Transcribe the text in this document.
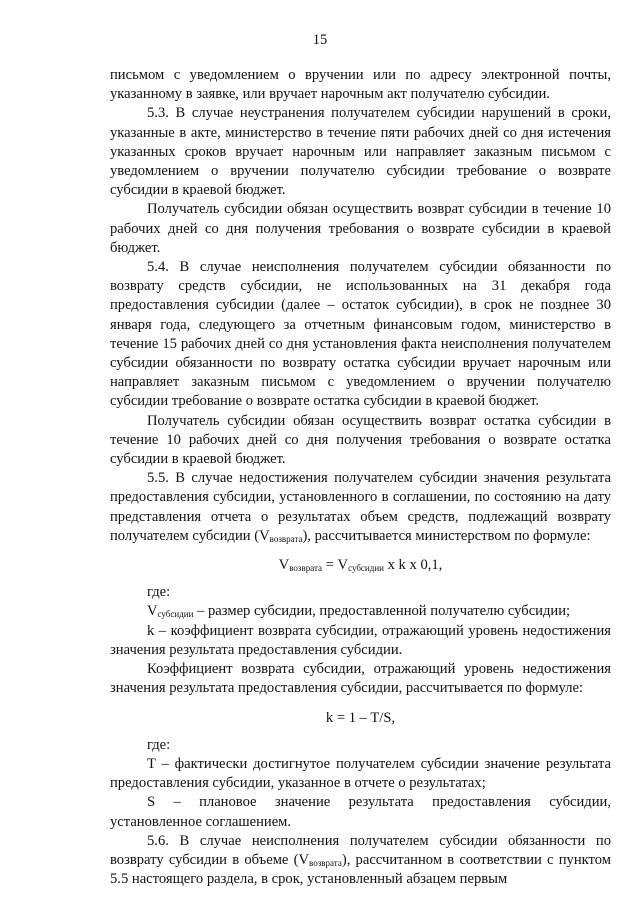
15

письмом с уведомлением о вручении или по адресу электронной почты, указанному в заявке, или вручает нарочным акт получателю субсидии.

5.3. В случае неустранения получателем субсидии нарушений в сроки, указанные в акте, министерство в течение пяти рабочих дней со дня истечения указанных сроков вручает нарочным или направляет заказным письмом с уведомлением о вручении получателю субсидии требование о возврате субсидии в краевой бюджет.

Получатель субсидии обязан осуществить возврат субсидии в течение 10 рабочих дней со дня получения требования о возврате субсидии в краевой бюджет.

5.4. В случае неисполнения получателем субсидии обязанности по возврату средств субсидии, не использованных на 31 декабря года предоставления субсидии (далее – остаток субсидии), в срок не позднее 30 января года, следующего за отчетным финансовым годом, министерство в течение 15 рабочих дней со дня установления факта неисполнения получателем субсидии обязанности по возврату остатка субсидии вручает нарочным или направляет заказным письмом с уведомлением о вручении получателю субсидии требование о возврате остатка субсидии в краевой бюджет.

Получатель субсидии обязан осуществить возврат остатка субсидии в течение 10 рабочих дней со дня получения требования о возврате остатка субсидии в краевой бюджет.

5.5. В случае недостижения получателем субсидии значения результата предоставления субсидии, установленного в соглашении, по состоянию на дату представления отчета о результатах объем средств, подлежащий возврату получателем субсидии $(V_{возврата})$, рассчитывается министерством по формуле:

$V_{возврата} = V_{субсидии}$ x k x 0,1,

где:

$V_{субсидии}$ – размер субсидии, предоставленной получателю субсидии;

k – коэффициент возврата субсидии, отражающий уровень недостижения значения результата предоставления субсидии.

Коэффициент возврата субсидии, отражающий уровень недостижения значения результата предоставления субсидии, рассчитывается по формуле:

k = 1 – T/S,

где:

T – фактически достигнутое получателем субсидии значение результата предоставления субсидии, указанное в отчете о результатах;

S – плановое значение результата предоставления субсидии, установленное соглашением.

5.6. В случае неисполнения получателем субсидии обязанности по возврату субсидии в объеме $(V_{возврата})$, рассчитанном в соответствии с пунктом 5.5 настоящего раздела, в срок, установленный абзацем первым
